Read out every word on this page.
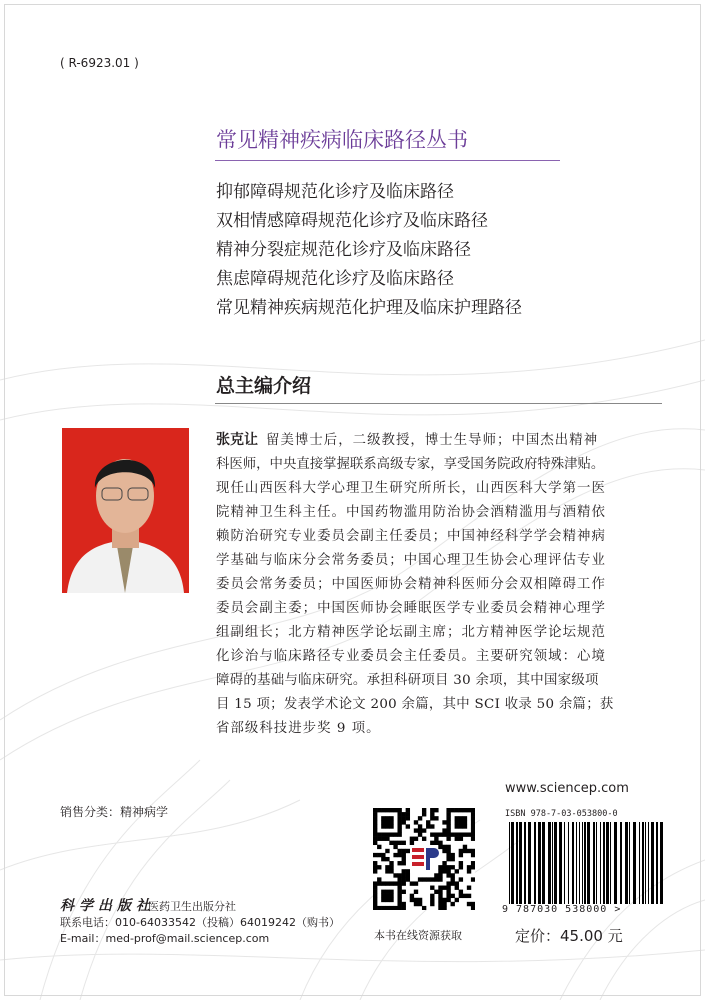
( R-6923.01 )
常见精神疾病临床路径丛书
抑郁障碍规范化诊疗及临床路径
双相情感障碍规范化诊疗及临床路径
精神分裂症规范化诊疗及临床路径
焦虑障碍规范化诊疗及临床路径
常见精神疾病规范化护理及临床护理路径
总主编介绍
张克让 留美博士后，二级教授，博士生导师；中国杰出精神
科医师，中央直接掌握联系高级专家，享受国务院政府特殊津贴。
现任山西医科大学心理卫生研究所所长，山西医科大学第一医
院精神卫生科主任。中国药物滥用防治协会酒精滥用与酒精依
赖防治研究专业委员会副主任委员；中国神经科学学会精神病
学基础与临床分会常务委员；中国心理卫生协会心理评估专业
委员会常务委员；中国医师协会精神科医师分会双相障碍工作
委员会副主委；中国医师协会睡眠医学专业委员会精神心理学
组副组长；北方精神医学论坛副主席；北方精神医学论坛规范
化诊治与临床路径专业委员会主任委员。主要研究领域：心境
障碍的基础与临床研究。承担科研项目 30 余项，其中国家级项
目 15 项；发表学术论文 200 余篇，其中 SCI 收录 50 余篇；获
省部级科技进步奖 9 项。
销售分类：精神病学
科学出版社
医药卫生出版分社
联系电话：010-64033542（投稿）64019242（购书）
E-mail：med-prof@mail.sciencep.com	本书在线资源获取
www.sciencep.com
ISBN 978-7-03-053800-0
9 787030 538000 >
定价：45.00 元
